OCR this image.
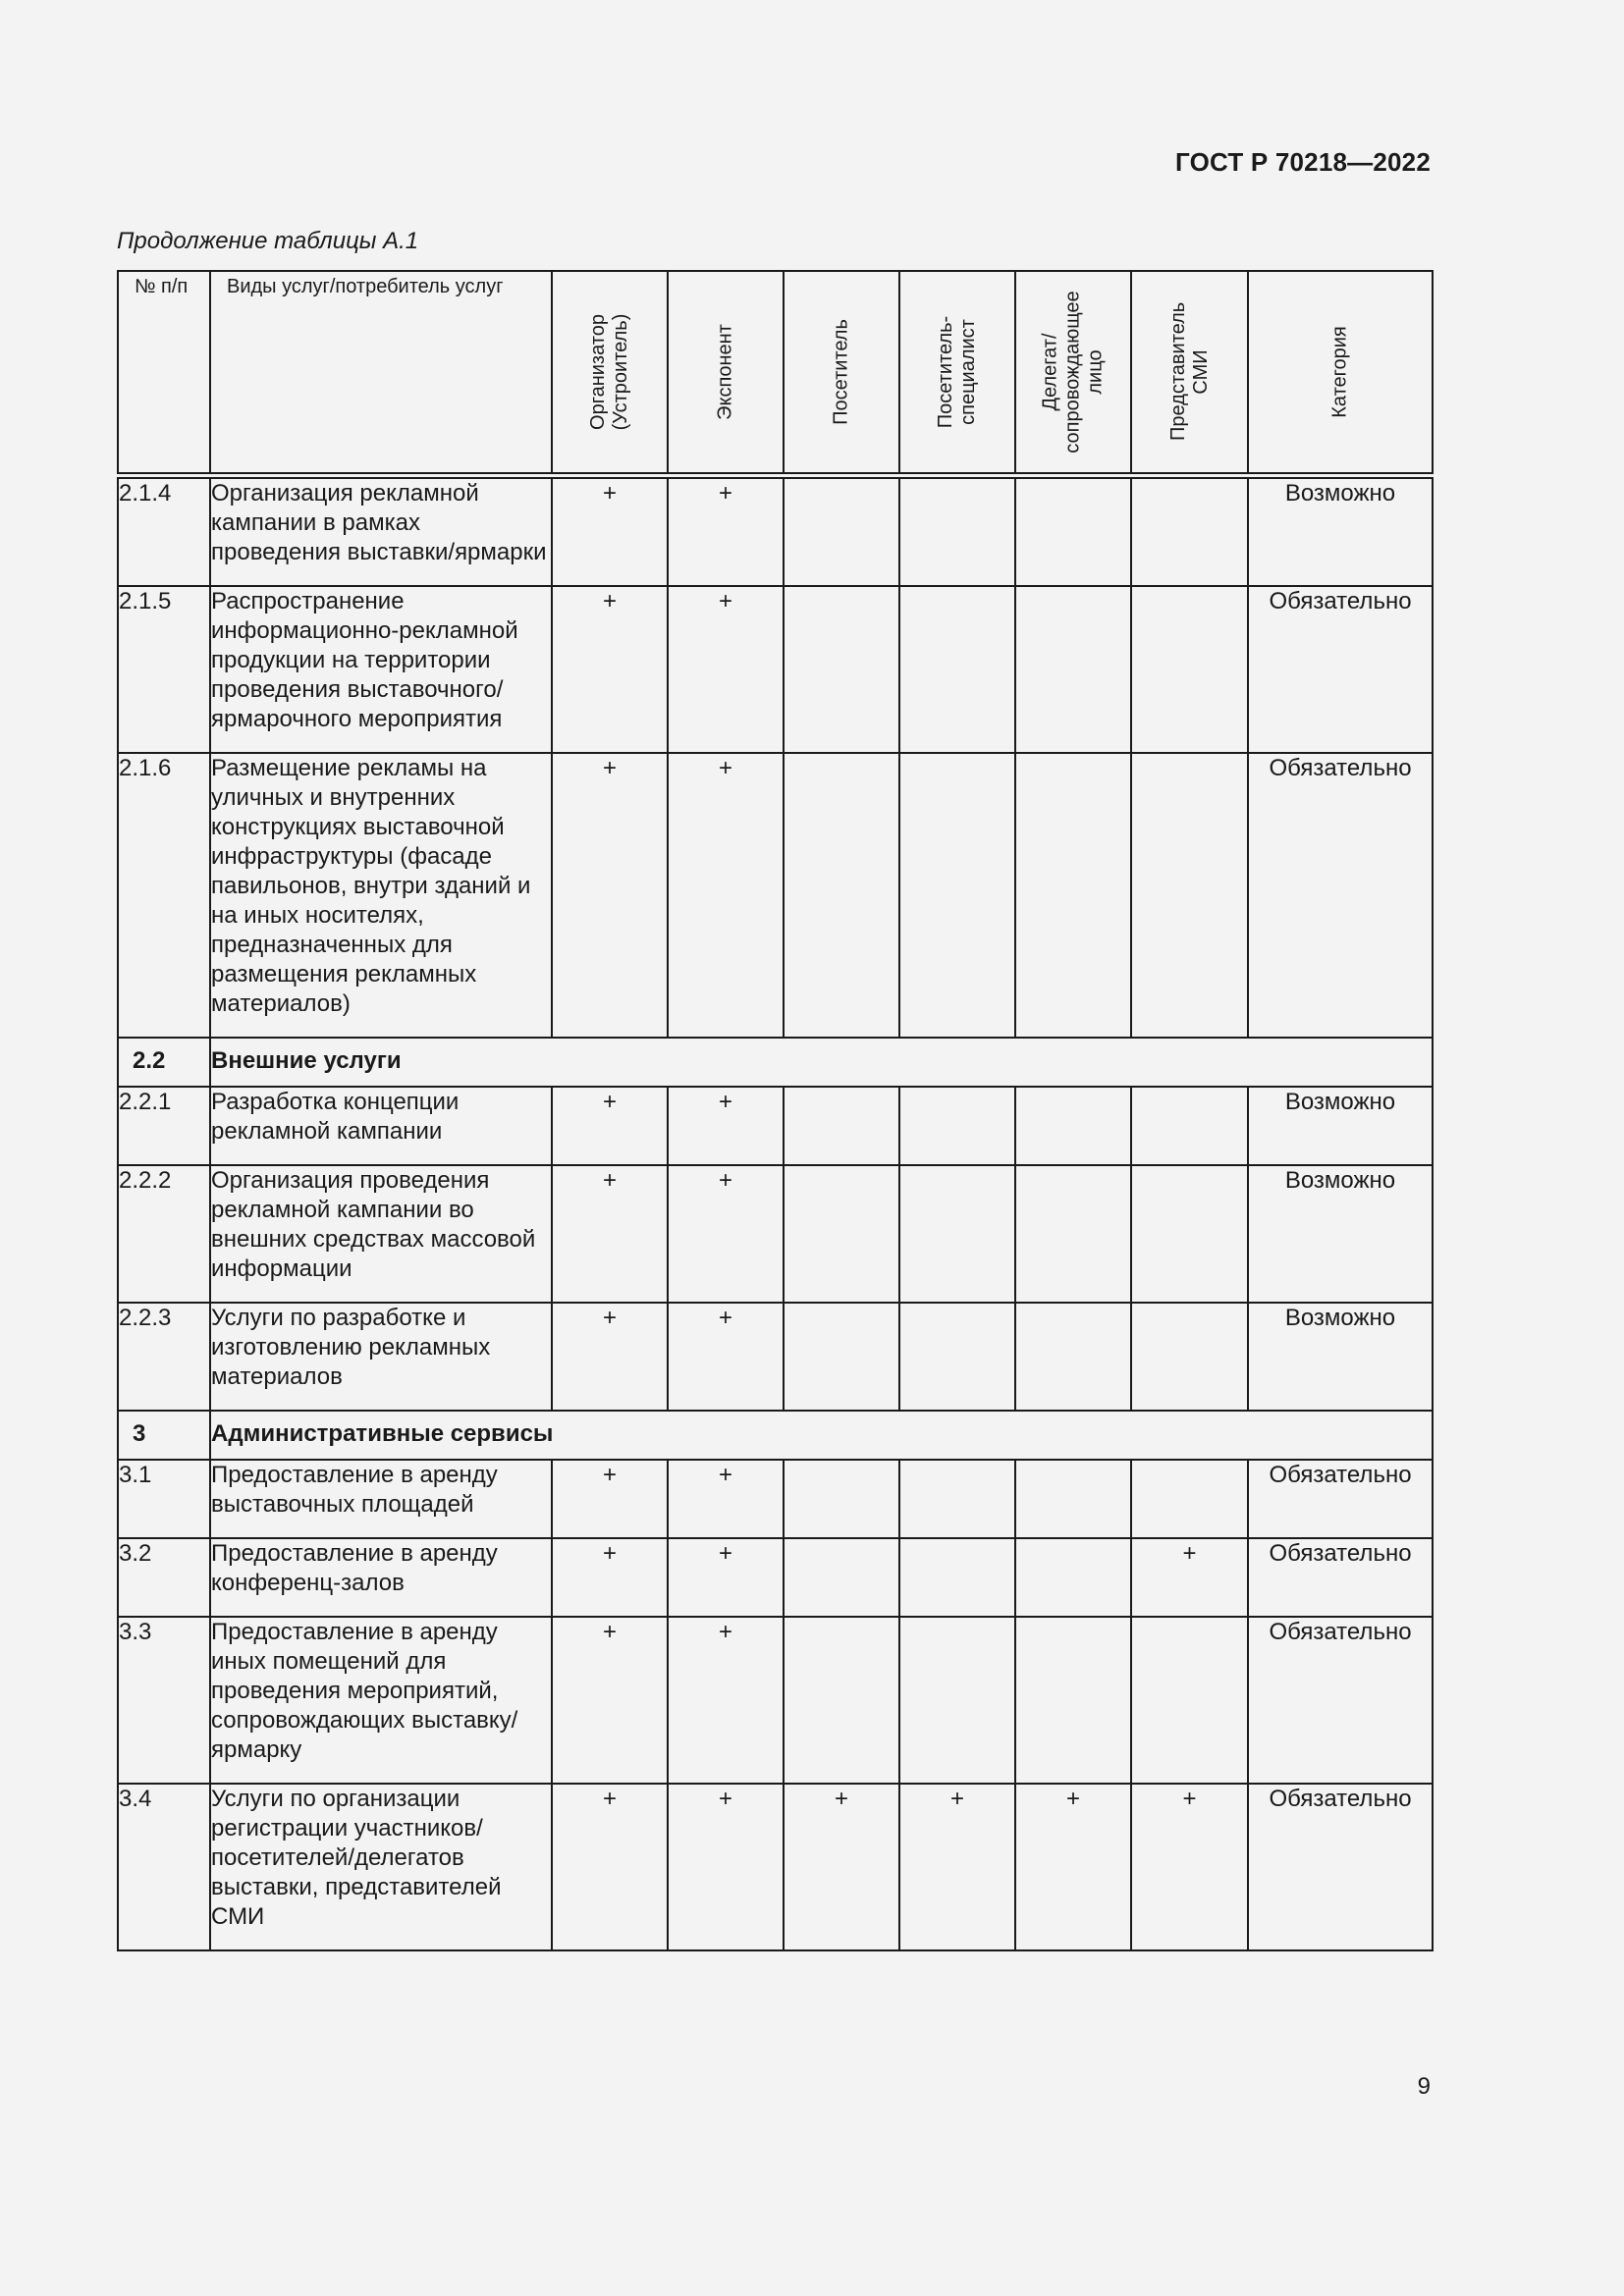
ГОСТ Р 70218—2022
Продолжение таблицы А.1
№ п/п	Виды услуг/потребитель услуг	Организатор (Устроитель)	Экспонент	Посетитель	Посетитель-специалист	Делегат/ сопровождающее лицо	Представитель СМИ	Категория

2.1.4	Организация рекламной кампании в рамках проведения выставки/ярмарки	+	+					Возможно
2.1.5	Распространение информационно-рекламной продукции на территории проведения выставочного/ярмарочного мероприятия	+	+					Обязательно
2.1.6	Размещение рекламы на уличных и внутренних конструкциях выставочной инфраструктуры (фасаде павильонов, внутри зданий и на иных носителях, предназначенных для размещения рекламных материалов)	+	+					Обязательно
2.2	Внешние услуги							
2.2.1	Разработка концепции рекламной кампании	+	+					Возможно
2.2.2	Организация проведения рекламной кампании во внешних средствах массовой информации	+	+					Возможно
2.2.3	Услуги по разработке и изготовлению рекламных материалов	+	+					Возможно
3	Административные сервисы							
3.1	Предоставление в аренду выставочных площадей	+	+					Обязательно
3.2	Предоставление в аренду конференц-залов	+	+				+	Обязательно
3.3	Предоставление в аренду иных помещений для проведения мероприятий, сопровождающих выставку/ярмарку	+	+					Обязательно
3.4	Услуги по организации регистрации участников/посетителей/делегатов выставки, представителей СМИ	+	+	+	+	+	+	Обязательно
9
